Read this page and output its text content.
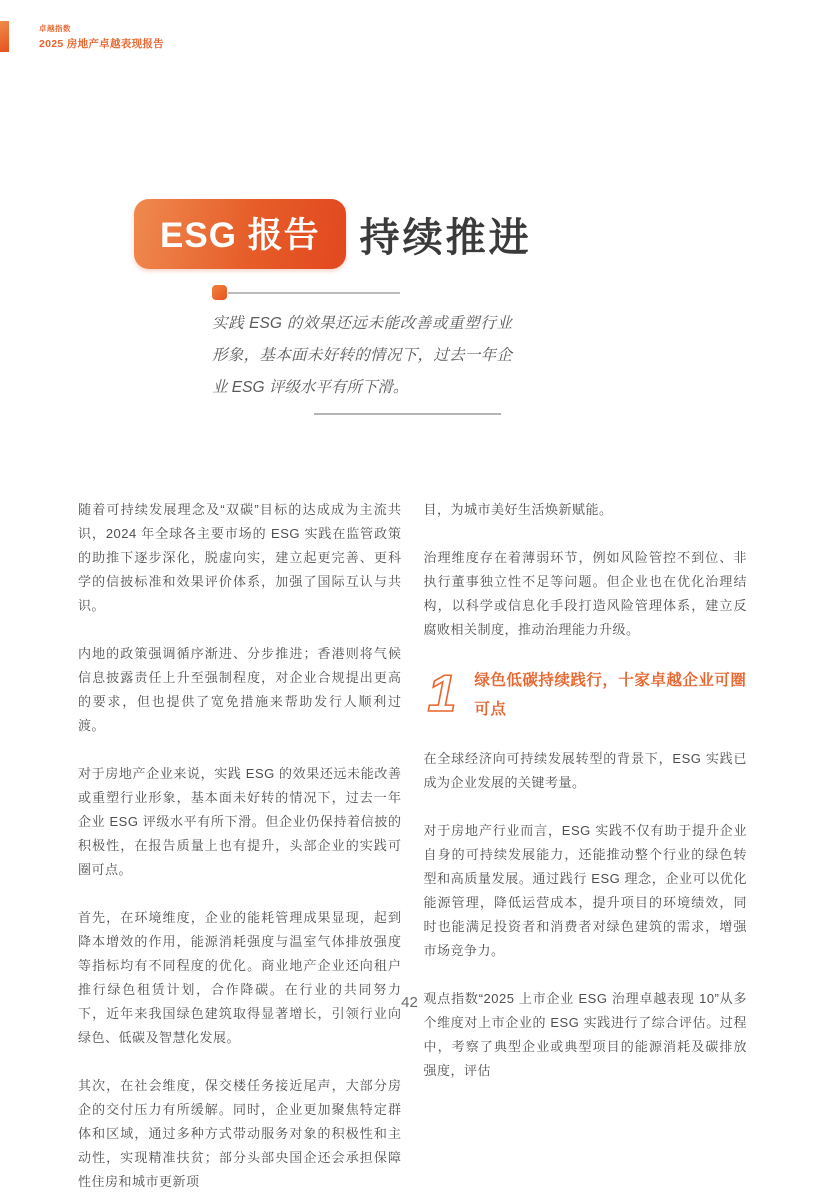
卓越指数
2025 房地产卓越表现报告
ESG 报告	持续推进
实践 ESG 的效果还远未能改善或重塑行业形象，基本面未好转的情况下，过去一年企业 ESG 评级水平有所下滑。

随着可持续发展理念及“双碳”目标的达成成为主流共识，2024 年全球各主要市场的 ESG 实践在监管政策的助推下逐步深化，脱虚向实，建立起更完善、更科学的信披标准和效果评价体系，加强了国际互认与共识。

内地的政策强调循序渐进、分步推进；香港则将气候信息披露责任上升至强制程度，对企业合规提出更高的要求，但也提供了宽免措施来帮助发行人顺利过渡。

对于房地产企业来说，实践 ESG 的效果还远未能改善或重塑行业形象，基本面未好转的情况下，过去一年企业 ESG 评级水平有所下滑。但企业仍保持着信披的积极性，在报告质量上也有提升，头部企业的实践可圈可点。

首先，在环境维度，企业的能耗管理成果显现，起到降本增效的作用，能源消耗强度与温室气体排放强度等指标均有不同程度的优化。商业地产企业还向租户推行绿色租赁计划，合作降碳。在行业的共同努力下，近年来我国绿色建筑取得显著增长，引领行业向绿色、低碳及智慧化发展。

其次，在社会维度，保交楼任务接近尾声，大部分房企的交付压力有所缓解。同时，企业更加聚焦特定群体和区域，通过多种方式带动服务对象的积极性和主动性，实现精准扶贫；部分头部央国企还会承担保障性住房和城市更新项

目，为城市美好生活焕新赋能。

治理维度存在着薄弱环节，例如风险管控不到位、非执行董事独立性不足等问题。但企业也在优化治理结构，以科学或信息化手段打造风险管理体系，建立反腐败相关制度，推动治理能力升级。

1 绿色低碳持续践行，十家卓越企业可圈可点

在全球经济向可持续发展转型的背景下，ESG 实践已成为企业发展的关键考量。

对于房地产行业而言，ESG 实践不仅有助于提升企业自身的可持续发展能力，还能推动整个行业的绿色转型和高质量发展。通过践行 ESG 理念，企业可以优化能源管理，降低运营成本，提升项目的环境绩效，同时也能满足投资者和消费者对绿色建筑的需求，增强市场竞争力。

观点指数“2025 上市企业 ESG 治理卓越表现 10”从多个维度对上市企业的 ESG 实践进行了综合评估。过程中，考察了典型企业或典型项目的能源消耗及碳排放强度，评估

42
